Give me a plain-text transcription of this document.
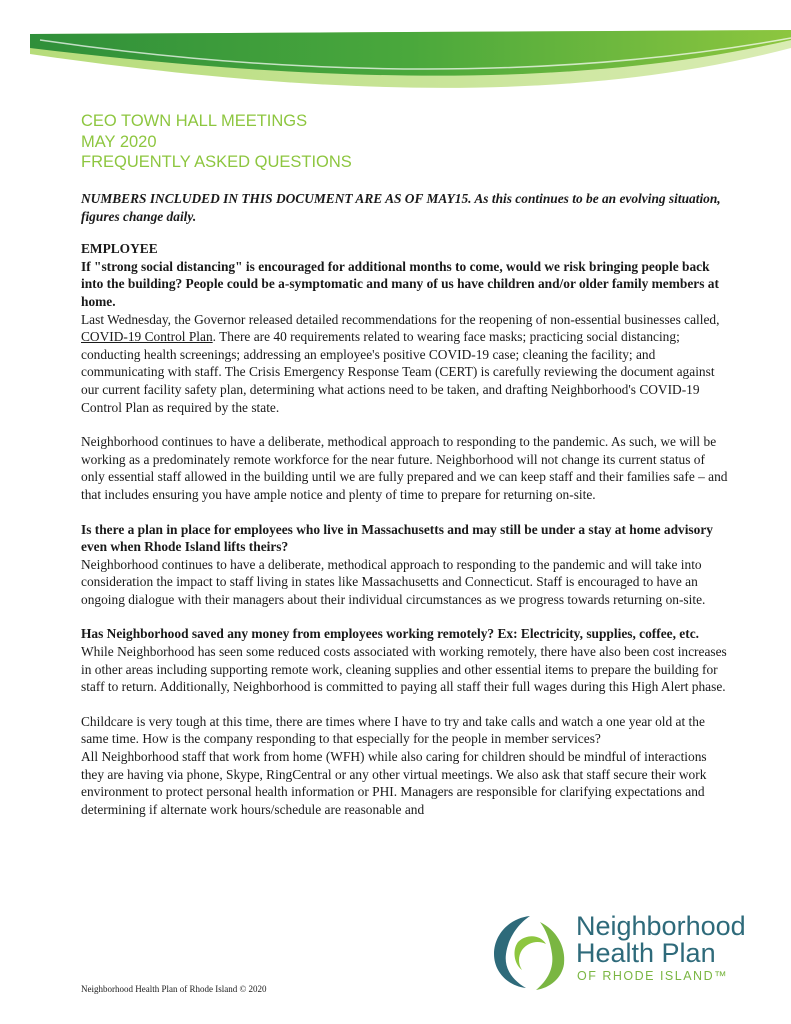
CEO TOWN HALL MEETINGS
MAY 2020
FREQUENTLY ASKED QUESTIONS

NUMBERS INCLUDED IN THIS DOCUMENT ARE AS OF MAY15. As this continues to be an evolving situation, figures change daily.

EMPLOYEE

If "strong social distancing" is encouraged for additional months to come, would we risk bringing people back into the building? People could be a-symptomatic and many of us have children and/or older family members at home.

Last Wednesday, the Governor released detailed recommendations for the reopening of non-essential businesses called, COVID-19 Control Plan. There are 40 requirements related to wearing face masks; practicing social distancing; conducting health screenings; addressing an employee's positive COVID-19 case; cleaning the facility; and communicating with staff. The Crisis Emergency Response Team (CERT) is carefully reviewing the document against our current facility safety plan, determining what actions need to be taken, and drafting Neighborhood's COVID-19 Control Plan as required by the state.

Neighborhood continues to have a deliberate, methodical approach to responding to the pandemic. As such, we will be working as a predominately remote workforce for the near future. Neighborhood will not change its current status of only essential staff allowed in the building until we are fully prepared and we can keep staff and their families safe – and that includes ensuring you have ample notice and plenty of time to prepare for returning on-site.

Is there a plan in place for employees who live in Massachusetts and may still be under a stay at home advisory even when Rhode Island lifts theirs?

Neighborhood continues to have a deliberate, methodical approach to responding to the pandemic and will take into consideration the impact to staff living in states like Massachusetts and Connecticut. Staff is encouraged to have an ongoing dialogue with their managers about their individual circumstances as we progress towards returning on-site.

Has Neighborhood saved any money from employees working remotely? Ex: Electricity, supplies, coffee, etc.

While Neighborhood has seen some reduced costs associated with working remotely, there have also been cost increases in other areas including supporting remote work, cleaning supplies and other essential items to prepare the building for staff to return. Additionally, Neighborhood is committed to paying all staff their full wages during this High Alert phase.

Childcare is very tough at this time, there are times where I have to try and take calls and watch a one year old at the same time. How is the company responding to that especially for the people in member services?

All Neighborhood staff that work from home (WFH) while also caring for children should be mindful of interactions they are having via phone, Skype, RingCentral or any other virtual meetings. We also ask that staff secure their work environment to protect personal health information or PHI. Managers are responsible for clarifying expectations and determining if alternate work hours/schedule are reasonable and

Neighborhood
Health Plan
OF RHODE ISLAND™
Neighborhood Health Plan of Rhode Island © 2020
